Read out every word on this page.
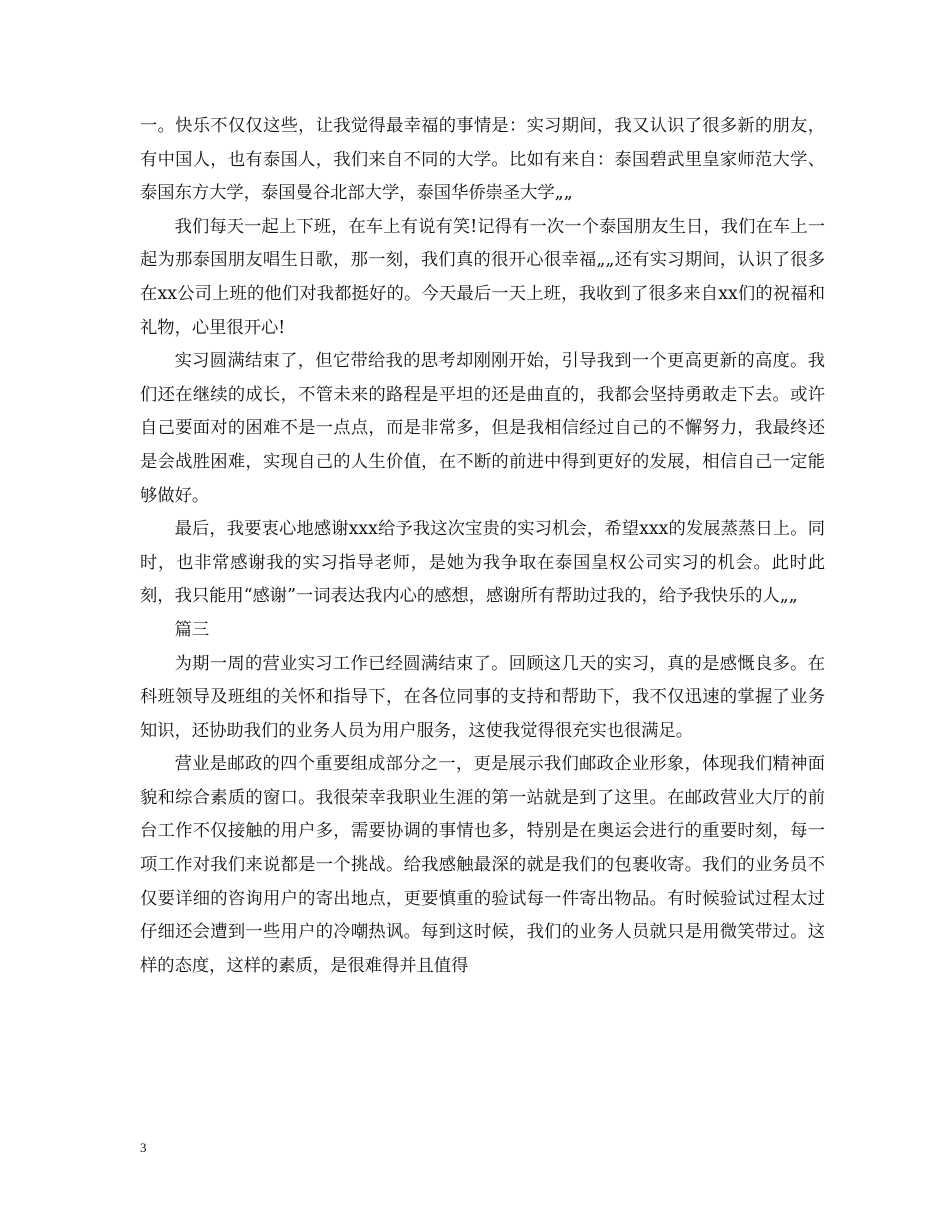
一。快乐不仅仅这些，让我觉得最幸福的事情是：实习期间，我又认识了很多新的朋友，有中国人，也有泰国人，我们来自不同的大学。比如有来自：泰国碧武里皇家师范大学、泰国东方大学，泰国曼谷北部大学，泰国华侨崇圣大学„„

我们每天一起上下班，在车上有说有笑!记得有一次一个泰国朋友生日，我们在车上一起为那泰国朋友唱生日歌，那一刻，我们真的很开心很幸福„„还有实习期间，认识了很多在xx公司上班的他们对我都挺好的。今天最后一天上班，我收到了很多来自xx们的祝福和礼物，心里很开心!

实习圆满结束了，但它带给我的思考却刚刚开始，引导我到一个更高更新的高度。我们还在继续的成长，不管未来的路程是平坦的还是曲直的，我都会坚持勇敢走下去。或许自己要面对的困难不是一点点，而是非常多，但是我相信经过自己的不懈努力，我最终还是会战胜困难，实现自己的人生价值，在不断的前进中得到更好的发展，相信自己一定能够做好。

最后，我要衷心地感谢xxx给予我这次宝贵的实习机会，希望xxx的发展蒸蒸日上。同时，也非常感谢我的实习指导老师，是她为我争取在泰国皇权公司实习的机会。此时此刻，我只能用“感谢”一词表达我内心的感想，感谢所有帮助过我的，给予我快乐的人„„

篇三

为期一周的营业实习工作已经圆满结束了。回顾这几天的实习，真的是感慨良多。在科班领导及班组的关怀和指导下，在各位同事的支持和帮助下，我不仅迅速的掌握了业务知识，还协助我们的业务人员为用户服务，这使我觉得很充实也很满足。

营业是邮政的四个重要组成部分之一，更是展示我们邮政企业形象，体现我们精神面貌和综合素质的窗口。我很荣幸我职业生涯的第一站就是到了这里。在邮政营业大厅的前台工作不仅接触的用户多，需要协调的事情也多，特别是在奥运会进行的重要时刻，每一项工作对我们来说都是一个挑战。给我感触最深的就是我们的包裹收寄。我们的业务员不仅要详细的咨询用户的寄出地点，更要慎重的验试每一件寄出物品。有时候验试过程太过仔细还会遭到一些用户的冷嘲热讽。每到这时候，我们的业务人员就只是用微笑带过。这样的态度，这样的素质，是很难得并且值得

3
